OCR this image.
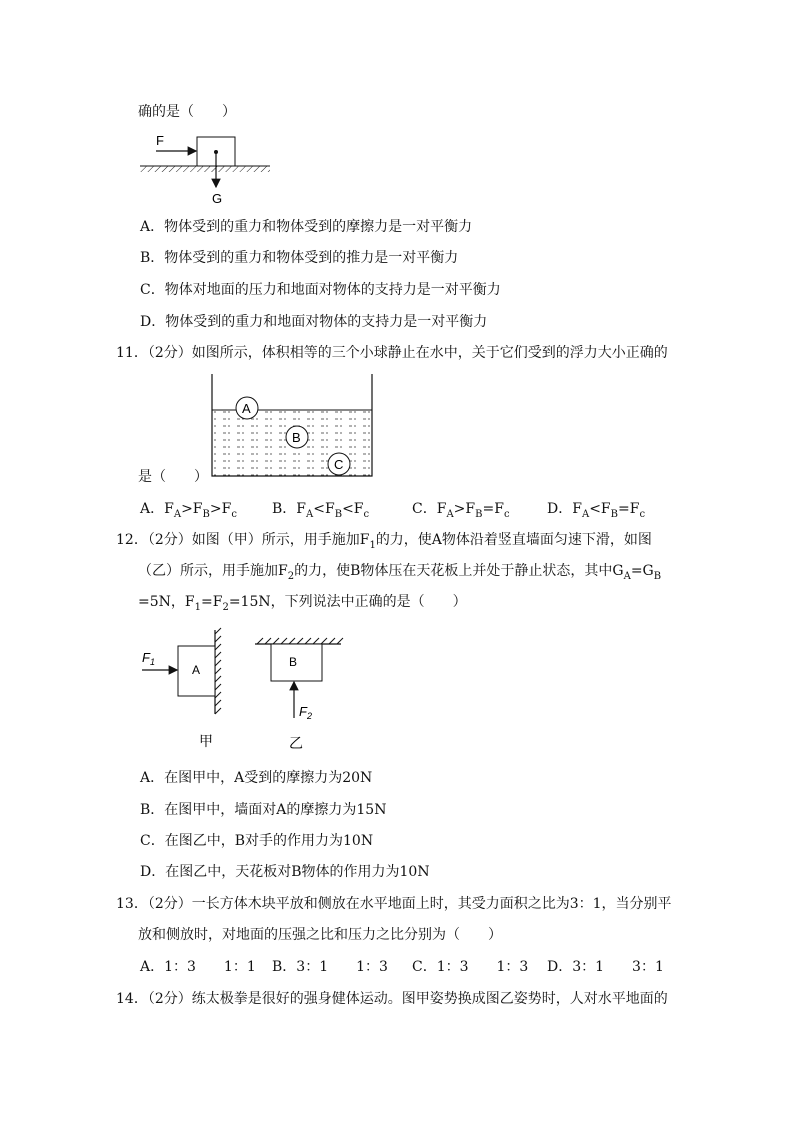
确的是（　　）
F
G
A．物体受到的重力和物体受到的摩擦力是一对平衡力
B．物体受到的重力和物体受到的推力是一对平衡力
C．物体对地面的压力和地面对物体的支持力是一对平衡力
D．物体受到的重力和地面对物体的支持力是一对平衡力
11．（2分）如图所示，体积相等的三个小球静止在水中，关于它们受到的浮力大小正确的
A
B
C
是（　　）
A．$F_A>F_B>F_c$	B．$F_A<F_B<F_c$	C．$F_A>F_B=F_c$	D．$F_A<F_B=F_c$
12．（2分）如图（甲）所示，用手施加$F_1$的力，使A物体沿着竖直墙面匀速下滑，如图
（乙）所示，用手施加$F_2$的力，使B物体压在天花板上并处于静止状态，其中$G_A=G_B$
=5N，$F_1=F_2=15N$，下列说法中正确的是（　　）
A
$F_1$
甲
B
$F_2$
乙
A．在图甲中，A受到的摩擦力为20N
B．在图甲中，墙面对A的摩擦力为15N
C．在图乙中，B对手的作用力为10N
D．在图乙中，天花板对B物体的作用力为10N
13．（2分）一长方体木块平放和侧放在水平地面上时，其受力面积之比为3：1，当分别平
放和侧放时，对地面的压强之比和压力之比分别为（　　）
A．1：3　　1：1 B．3：1　　1：3 C．1：3　　1：3 D．3：1　　3：1
14．（2分）练太极拳是很好的强身健体运动。图甲姿势换成图乙姿势时，人对水平地面的
